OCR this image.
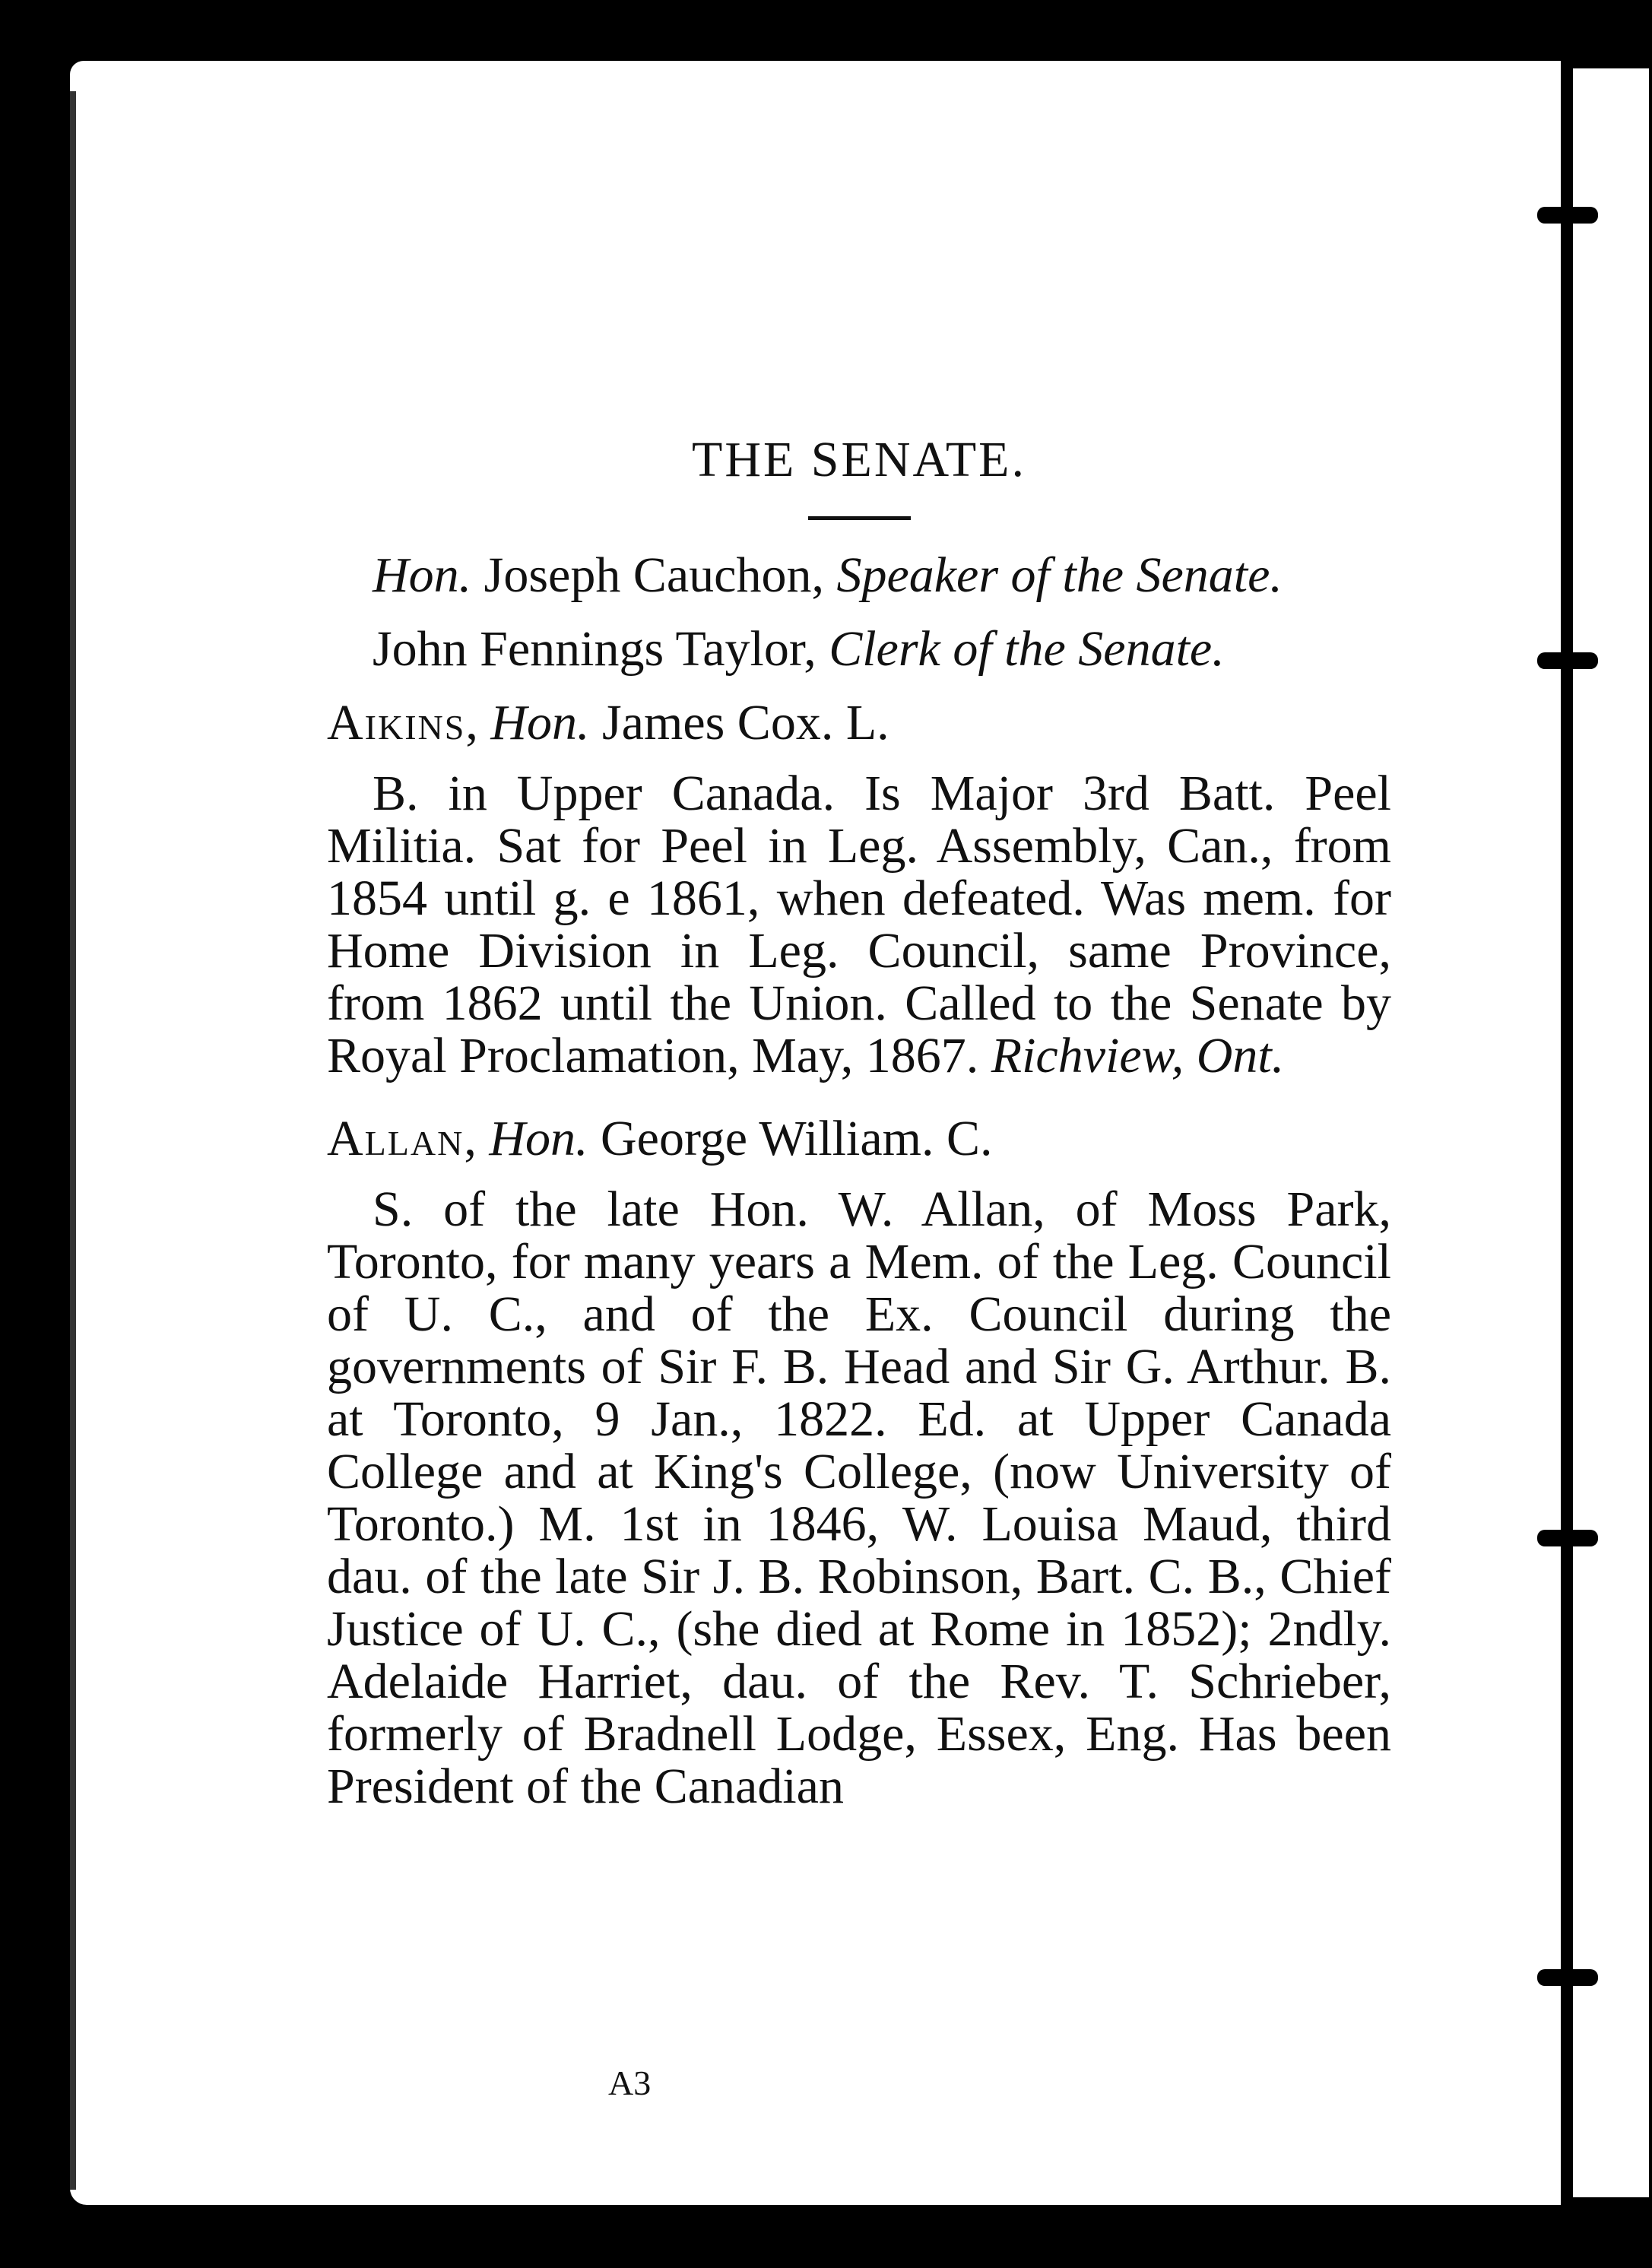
THE SENATE.
Hon. Joseph Cauchon, Speaker of the Senate.
John Fennings Taylor, Clerk of the Senate.
Aikins, Hon. James Cox. L.
B. in Upper Canada. Is Major 3rd Batt. Peel Militia. Sat for Peel in Leg. Assembly, Can., from 1854 until g. e 1861, when defeated. Was mem. for Home Division in Leg. Council, same Province, from 1862 until the Union. Called to the Senate by Royal Proclamation, May, 1867. Richview, Ont.
Allan, Hon. George William. C.
S. of the late Hon. W. Allan, of Moss Park, Toronto, for many years a Mem. of the Leg. Council of U. C., and of the Ex. Council during the governments of Sir F. B. Head and Sir G. Arthur. B. at Toronto, 9 Jan., 1822. Ed. at Upper Canada College and at King's College, (now University of Toronto.) M. 1st in 1846, W. Louisa Maud, third dau. of the late Sir J. B. Robinson, Bart. C. B., Chief Justice of U. C., (she died at Rome in 1852); 2ndly. Adelaide Harriet, dau. of the Rev. T. Schrieber, formerly of Bradnell Lodge, Essex, Eng. Has been President of the Canadian
A3
